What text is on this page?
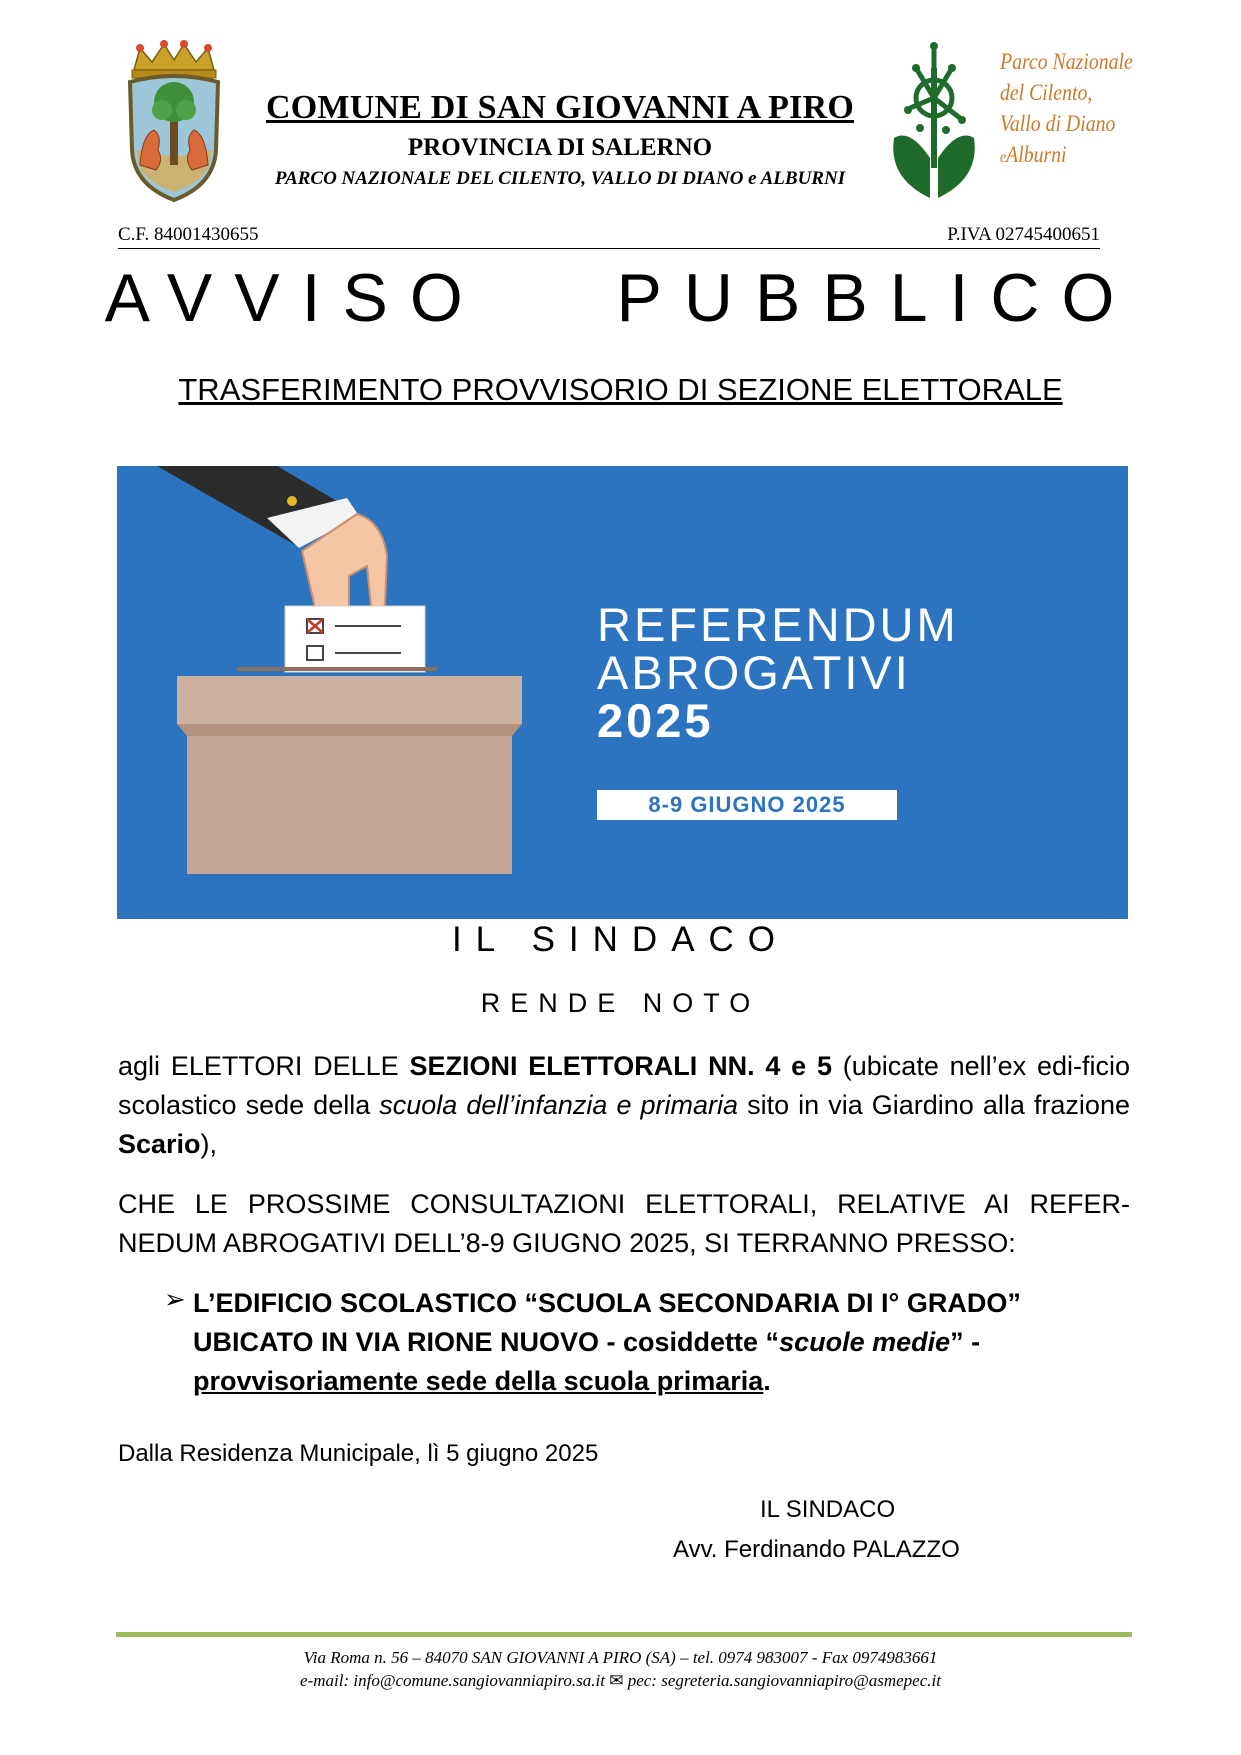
COMUNE DI SAN GIOVANNI A PIRO
PROVINCIA DI SALERNO
PARCO NAZIONALE DEL CILENTO, VALLO DI DIANO e ALBURNI
Parco Nazionale
del Cilento,
Vallo di Diano
eAlburni
C.F. 84001430655	P.IVA 02745400651
AVVISO PUBBLICO
TRASFERIMENTO PROVVISORIO DI SEZIONE ELETTORALE
REFERENDUM
ABROGATIVI
2025
8-9 GIUGNO 2025
IL SINDACO
RENDE NOTO
agli ELETTORI DELLE SEZIONI ELETTORALI NN. 4 e 5 (ubicate nell’ex edi-ficio scolastico sede della scuola dell’infanzia e primaria sito in via Giardino alla frazione Scario),
CHE LE PROSSIME CONSULTAZIONI ELETTORALI, RELATIVE AI REFER-NEDUM ABROGATIVI DELL’8-9 GIUGNO 2025, SI TERRANNO PRESSO:
➢ L’EDIFICIO SCOLASTICO “SCUOLA SECONDARIA DI I° GRADO” UBICATO IN VIA RIONE NUOVO - cosiddette “scuole medie” - provvisoriamente sede della scuola primaria.
Dalla Residenza Municipale, lì 5 giugno 2025
IL SINDACO
Avv. Ferdinando PALAZZO
Via Roma n. 56 – 84070 SAN GIOVANNI A PIRO (SA) – tel. 0974 983007 - Fax 0974983661
e-mail: info@comune.sangiovanniapiro.sa.it ✉ pec: segreteria.sangiovanniapiro@asmepec.it
